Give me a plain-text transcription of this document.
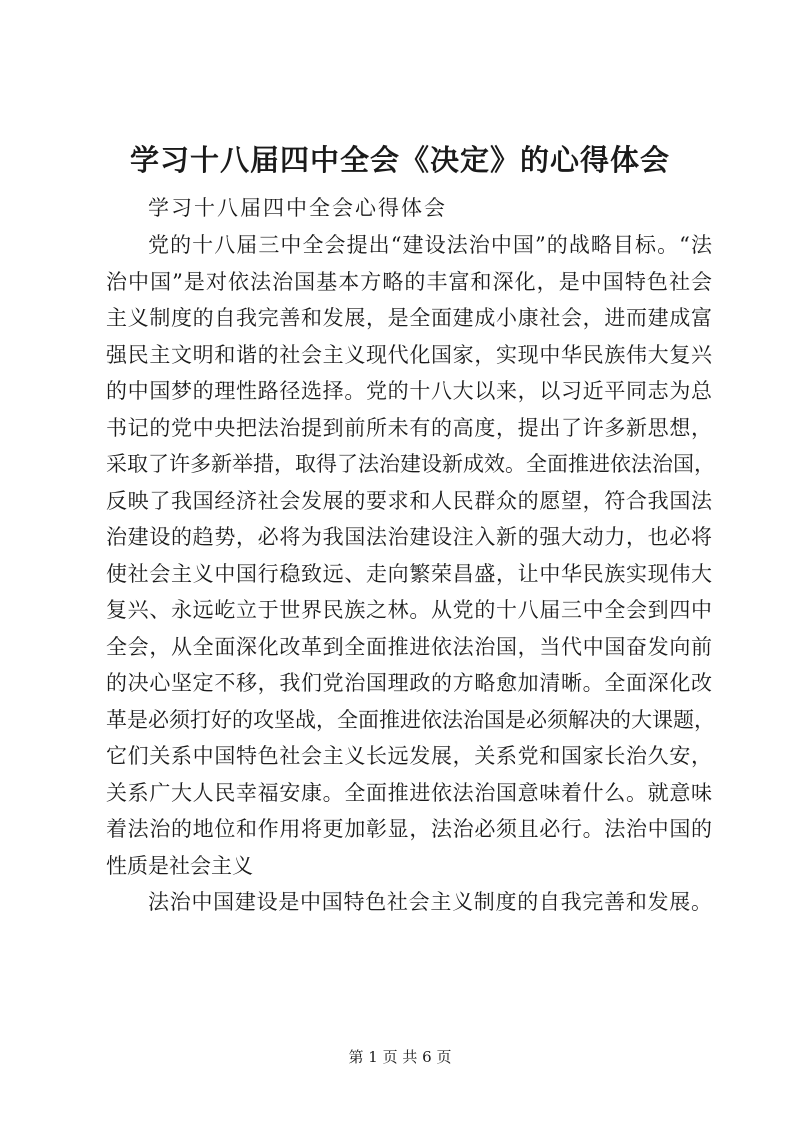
学习十八届四中全会《决定》的心得体会
学习十八届四中全会心得体会
党的十八届三中全会提出“建设法治中国”的战略目标。“法
治中国”是对依法治国基本方略的丰富和深化，是中国特色社会
主义制度的自我完善和发展，是全面建成小康社会，进而建成富
强民主文明和谐的社会主义现代化国家，实现中华民族伟大复兴
的中国梦的理性路径选择。党的十八大以来，以习近平同志为总
书记的党中央把法治提到前所未有的高度，提出了许多新思想，
采取了许多新举措，取得了法治建设新成效。全面推进依法治国，
反映了我国经济社会发展的要求和人民群众的愿望，符合我国法
治建设的趋势，必将为我国法治建设注入新的强大动力，也必将
使社会主义中国行稳致远、走向繁荣昌盛，让中华民族实现伟大
复兴、永远屹立于世界民族之林。从党的十八届三中全会到四中
全会，从全面深化改革到全面推进依法治国，当代中国奋发向前
的决心坚定不移，我们党治国理政的方略愈加清晰。全面深化改
革是必须打好的攻坚战，全面推进依法治国是必须解决的大课题，
它们关系中国特色社会主义长远发展，关系党和国家长治久安，
关系广大人民幸福安康。全面推进依法治国意味着什么。就意味
着法治的地位和作用将更加彰显，法治必须且必行。法治中国的
性质是社会主义
法治中国建设是中国特色社会主义制度的自我完善和发展。
第 1 页 共 6 页
